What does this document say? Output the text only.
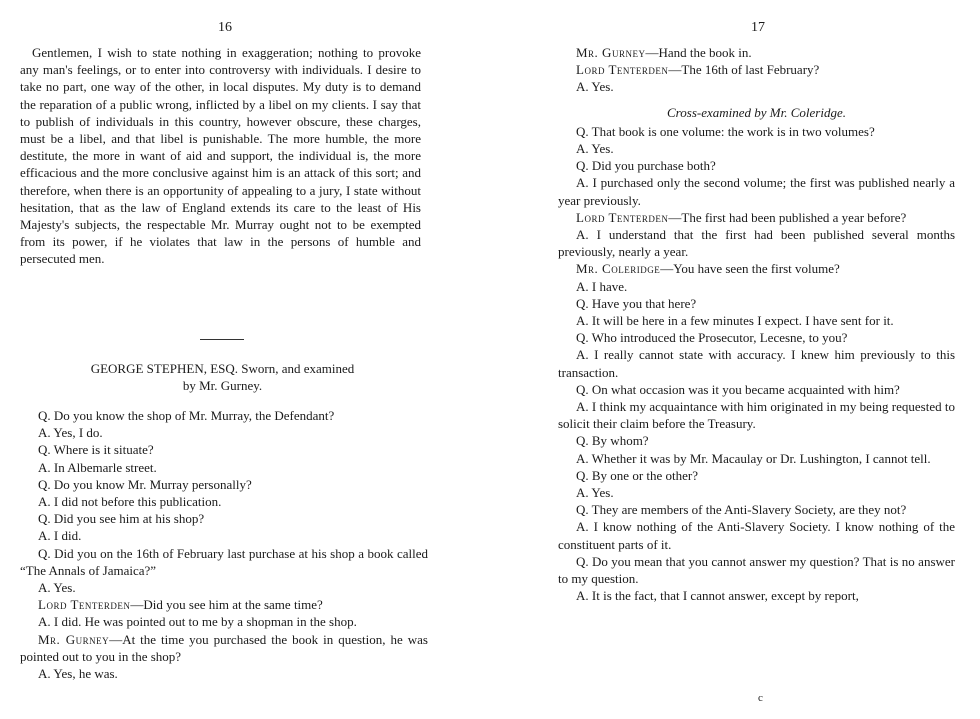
16

Gentlemen, I wish to state nothing in exaggeration; nothing to provoke any man's feelings, or to enter into controversy with individuals. I desire to take no part, one way of the other, in local disputes. My duty is to demand the reparation of a public wrong, inflicted by a libel on my clients. I say that to publish of individuals in this country, however obscure, these charges, must be a libel, and that libel is punishable. The more humble, the more destitute, the more in want of aid and support, the individual is, the more efficacious and the more conclusive against him is an attack of this sort; and therefore, when there is an opportunity of appealing to a jury, I state without hesitation, that as the law of England extends its care to the least of His Majesty's subjects, the respectable Mr. Murray ought not to be exempted from its power, if he violates that law in the persons of humble and persecuted men.

GEORGE STEPHEN, ESQ. Sworn, and examined
by Mr. Gurney.

Q. Do you know the shop of Mr. Murray, the Defendant?

A. Yes, I do.

Q. Where is it situate?

A. In Albemarle street.

Q. Do you know Mr. Murray personally?

A. I did not before this publication.

Q. Did you see him at his shop?

A. I did.

Q. Did you on the 16th of February last purchase at his shop a book called “The Annals of Jamaica?”

A. Yes.

Lord Tenterden—Did you see him at the same time?

A. I did. He was pointed out to me by a shopman in the shop.

Mr. Gurney—At the time you purchased the book in question, he was pointed out to you in the shop?

A. Yes, he was.

17

Mr. Gurney—Hand the book in.

Lord Tenterden—The 16th of last February?

A. Yes.

Cross-examined by Mr. Coleridge.

Q. That book is one volume: the work is in two volumes?

A. Yes.

Q. Did you purchase both?

A. I purchased only the second volume; the first was published nearly a year previously.

Lord Tenterden—The first had been published a year before?

A. I understand that the first had been published several months previously, nearly a year.

Mr. Coleridge—You have seen the first volume?

A. I have.

Q. Have you that here?

A. It will be here in a few minutes I expect. I have sent for it.

Q. Who introduced the Prosecutor, Lecesne, to you?

A. I really cannot state with accuracy. I knew him previously to this transaction.

Q. On what occasion was it you became acquainted with him?

A. I think my acquaintance with him originated in my being requested to solicit their claim before the Treasury.

Q. By whom?

A. Whether it was by Mr. Macaulay or Dr. Lushington, I cannot tell.

Q. By one or the other?

A. Yes.

Q. They are members of the Anti-Slavery Society, are they not?

A. I know nothing of the Anti-Slavery Society. I know nothing of the constituent parts of it.

Q. Do you mean that you cannot answer my question? That is no answer to my question.

A. It is the fact, that I cannot answer, except by report,

c
